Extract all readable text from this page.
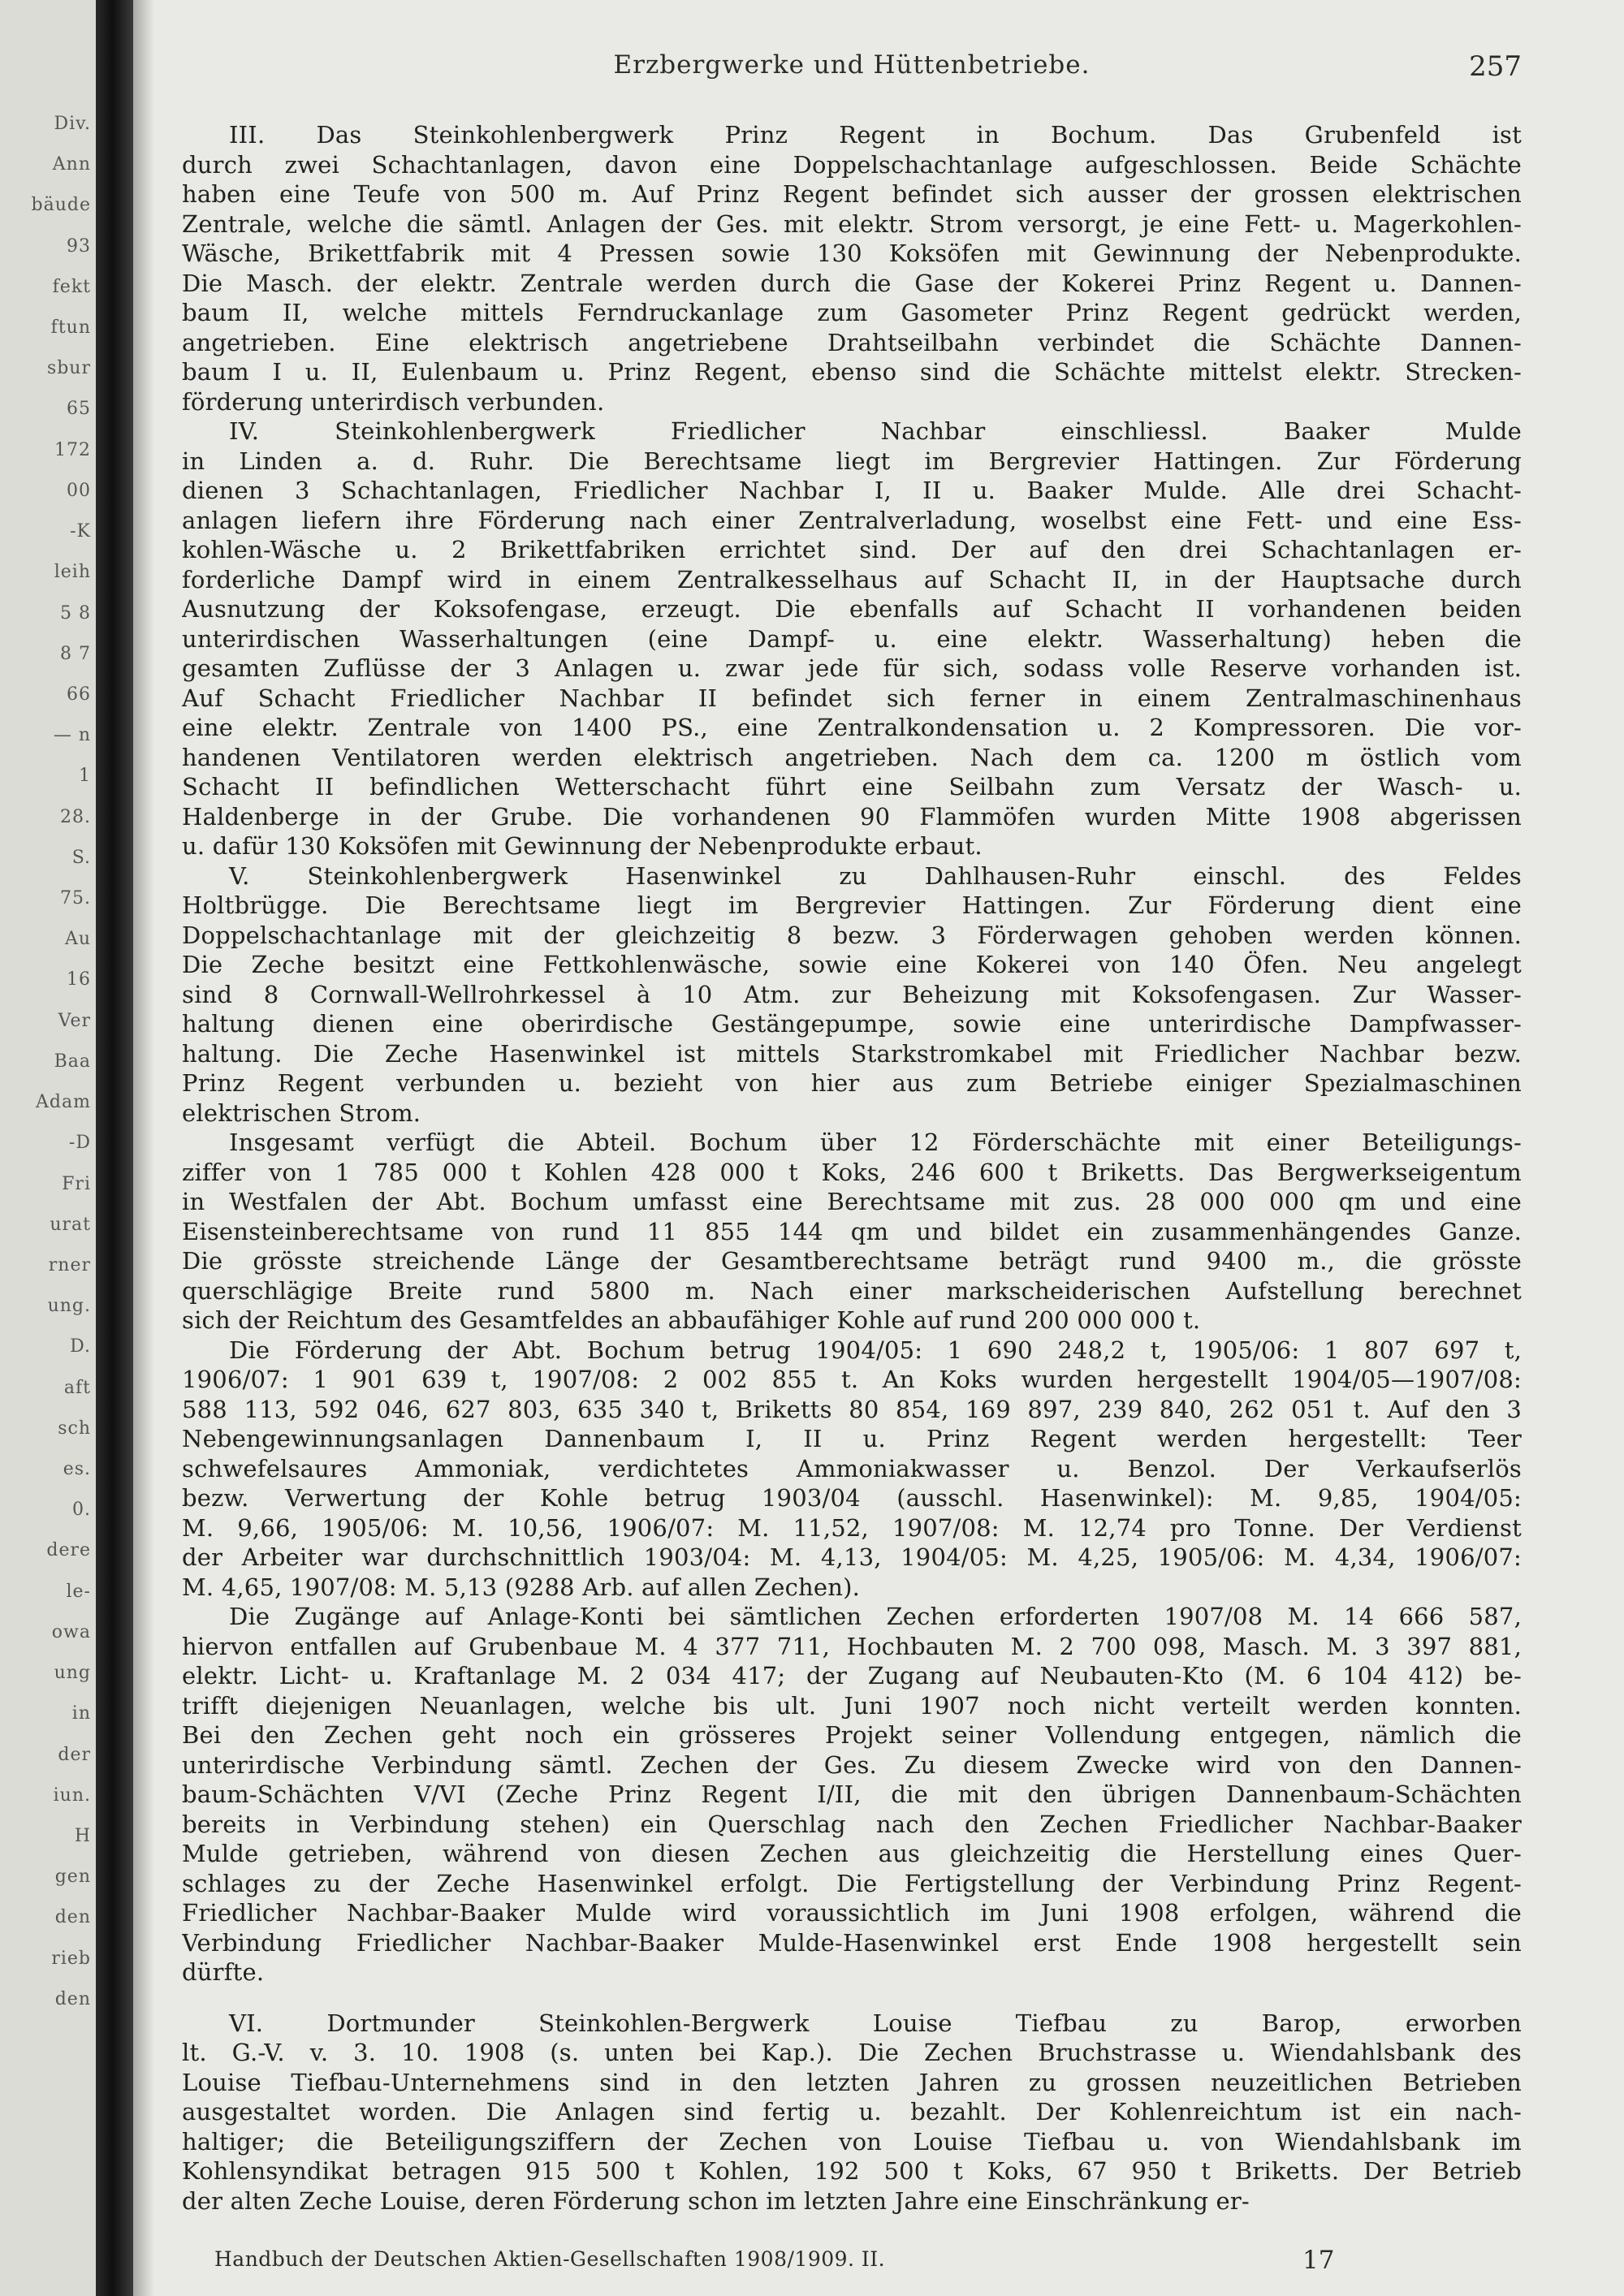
Div.
Ann
bäude
93
fekt
ftun
sbur
65
172
00
-K
leih
5 8
8 7
66
— n
1
28.
S.
75.
Au
16
Ver
Baa
Adam
-D
Fri
urat
rner
ung.
D.
aft
sch
es.
0.
dere
le-
owa
ung
in
der
iun.
H
gen
den
rieb
den
Erzbergwerke und Hüttenbetriebe.	257
III. Das Steinkohlenbergwerk Prinz Regent in Bochum. Das Grubenfeld ist
durch zwei Schachtanlagen, davon eine Doppelschachtanlage aufgeschlossen. Beide Schächte
haben eine Teufe von 500 m. Auf Prinz Regent befindet sich ausser der grossen elektrischen
Zentrale, welche die sämtl. Anlagen der Ges. mit elektr. Strom versorgt, je eine Fett- u. Magerkohlen-
Wäsche, Brikettfabrik mit 4 Pressen sowie 130 Koksöfen mit Gewinnung der Nebenprodukte.
Die Masch. der elektr. Zentrale werden durch die Gase der Kokerei Prinz Regent u. Dannen-
baum II, welche mittels Ferndruckanlage zum Gasometer Prinz Regent gedrückt werden,
angetrieben. Eine elektrisch angetriebene Drahtseilbahn verbindet die Schächte Dannen-
baum I u. II, Eulenbaum u. Prinz Regent, ebenso sind die Schächte mittelst elektr. Strecken-
förderung unterirdisch verbunden.
IV. Steinkohlenbergwerk Friedlicher Nachbar einschliessl. Baaker Mulde
in Linden a. d. Ruhr. Die Berechtsame liegt im Bergrevier Hattingen. Zur Förderung
dienen 3 Schachtanlagen, Friedlicher Nachbar I, II u. Baaker Mulde. Alle drei Schacht-
anlagen liefern ihre Förderung nach einer Zentralverladung, woselbst eine Fett- und eine Ess-
kohlen-Wäsche u. 2 Brikettfabriken errichtet sind. Der auf den drei Schachtanlagen er-
forderliche Dampf wird in einem Zentralkesselhaus auf Schacht II, in der Hauptsache durch
Ausnutzung der Koksofengase, erzeugt. Die ebenfalls auf Schacht II vorhandenen beiden
unterirdischen Wasserhaltungen (eine Dampf- u. eine elektr. Wasserhaltung) heben die
gesamten Zuflüsse der 3 Anlagen u. zwar jede für sich, sodass volle Reserve vorhanden ist.
Auf Schacht Friedlicher Nachbar II befindet sich ferner in einem Zentralmaschinenhaus
eine elektr. Zentrale von 1400 PS., eine Zentralkondensation u. 2 Kompressoren. Die vor-
handenen Ventilatoren werden elektrisch angetrieben. Nach dem ca. 1200 m östlich vom
Schacht II befindlichen Wetterschacht führt eine Seilbahn zum Versatz der Wasch- u.
Haldenberge in der Grube. Die vorhandenen 90 Flammöfen wurden Mitte 1908 abgerissen
u. dafür 130 Koksöfen mit Gewinnung der Nebenprodukte erbaut.
V. Steinkohlenbergwerk Hasenwinkel zu Dahlhausen-Ruhr einschl. des Feldes
Holtbrügge. Die Berechtsame liegt im Bergrevier Hattingen. Zur Förderung dient eine
Doppelschachtanlage mit der gleichzeitig 8 bezw. 3 Förderwagen gehoben werden können.
Die Zeche besitzt eine Fettkohlenwäsche, sowie eine Kokerei von 140 Öfen. Neu angelegt
sind 8 Cornwall-Wellrohrkessel à 10 Atm. zur Beheizung mit Koksofengasen. Zur Wasser-
haltung dienen eine oberirdische Gestängepumpe, sowie eine unterirdische Dampfwasser-
haltung. Die Zeche Hasenwinkel ist mittels Starkstromkabel mit Friedlicher Nachbar bezw.
Prinz Regent verbunden u. bezieht von hier aus zum Betriebe einiger Spezialmaschinen
elektrischen Strom.
Insgesamt verfügt die Abteil. Bochum über 12 Förderschächte mit einer Beteiligungs-
ziffer von 1 785 000 t Kohlen 428 000 t Koks, 246 600 t Briketts. Das Bergwerkseigentum
in Westfalen der Abt. Bochum umfasst eine Berechtsame mit zus. 28 000 000 qm und eine
Eisensteinberechtsame von rund 11 855 144 qm und bildet ein zusammenhängendes Ganze.
Die grösste streichende Länge der Gesamtberechtsame beträgt rund 9400 m., die grösste
querschlägige Breite rund 5800 m. Nach einer markscheiderischen Aufstellung berechnet
sich der Reichtum des Gesamtfeldes an abbaufähiger Kohle auf rund 200 000 000 t.
Die Förderung der Abt. Bochum betrug 1904/05: 1 690 248,2 t, 1905/06: 1 807 697 t,
1906/07: 1 901 639 t, 1907/08: 2 002 855 t. An Koks wurden hergestellt 1904/05—1907/08:
588 113, 592 046, 627 803, 635 340 t, Briketts 80 854, 169 897, 239 840, 262 051 t. Auf den 3
Nebengewinnungsanlagen Dannenbaum I, II u. Prinz Regent werden hergestellt: Teer
schwefelsaures Ammoniak, verdichtetes Ammoniakwasser u. Benzol. Der Verkaufserlös
bezw. Verwertung der Kohle betrug 1903/04 (ausschl. Hasenwinkel): M. 9,85, 1904/05:
M. 9,66, 1905/06: M. 10,56, 1906/07: M. 11,52, 1907/08: M. 12,74 pro Tonne. Der Verdienst
der Arbeiter war durchschnittlich 1903/04: M. 4,13, 1904/05: M. 4,25, 1905/06: M. 4,34, 1906/07:
M. 4,65, 1907/08: M. 5,13 (9288 Arb. auf allen Zechen).
Die Zugänge auf Anlage-Konti bei sämtlichen Zechen erforderten 1907/08 M. 14 666 587,
hiervon entfallen auf Grubenbaue M. 4 377 711, Hochbauten M. 2 700 098, Masch. M. 3 397 881,
elektr. Licht- u. Kraftanlage M. 2 034 417; der Zugang auf Neubauten-Kto (M. 6 104 412) be-
trifft diejenigen Neuanlagen, welche bis ult. Juni 1907 noch nicht verteilt werden konnten.
Bei den Zechen geht noch ein grösseres Projekt seiner Vollendung entgegen, nämlich die
unterirdische Verbindung sämtl. Zechen der Ges. Zu diesem Zwecke wird von den Dannen-
baum-Schächten V/VI (Zeche Prinz Regent I/II, die mit den übrigen Dannenbaum-Schächten
bereits in Verbindung stehen) ein Querschlag nach den Zechen Friedlicher Nachbar-Baaker
Mulde getrieben, während von diesen Zechen aus gleichzeitig die Herstellung eines Quer-
schlages zu der Zeche Hasenwinkel erfolgt. Die Fertigstellung der Verbindung Prinz Regent-
Friedlicher Nachbar-Baaker Mulde wird voraussichtlich im Juni 1908 erfolgen, während die
Verbindung Friedlicher Nachbar-Baaker Mulde-Hasenwinkel erst Ende 1908 hergestellt sein
dürfte.
VI. Dortmunder Steinkohlen-Bergwerk Louise Tiefbau zu Barop, erworben
lt. G.-V. v. 3. 10. 1908 (s. unten bei Kap.). Die Zechen Bruchstrasse u. Wiendahlsbank des
Louise Tiefbau-Unternehmens sind in den letzten Jahren zu grossen neuzeitlichen Betrieben
ausgestaltet worden. Die Anlagen sind fertig u. bezahlt. Der Kohlenreichtum ist ein nach-
haltiger; die Beteiligungsziffern der Zechen von Louise Tiefbau u. von Wiendahlsbank im
Kohlensyndikat betragen 915 500 t Kohlen, 192 500 t Koks, 67 950 t Briketts. Der Betrieb
der alten Zeche Louise, deren Förderung schon im letzten Jahre eine Einschränkung er-
Handbuch der Deutschen Aktien-Gesellschaften 1908/1909. II.	17
